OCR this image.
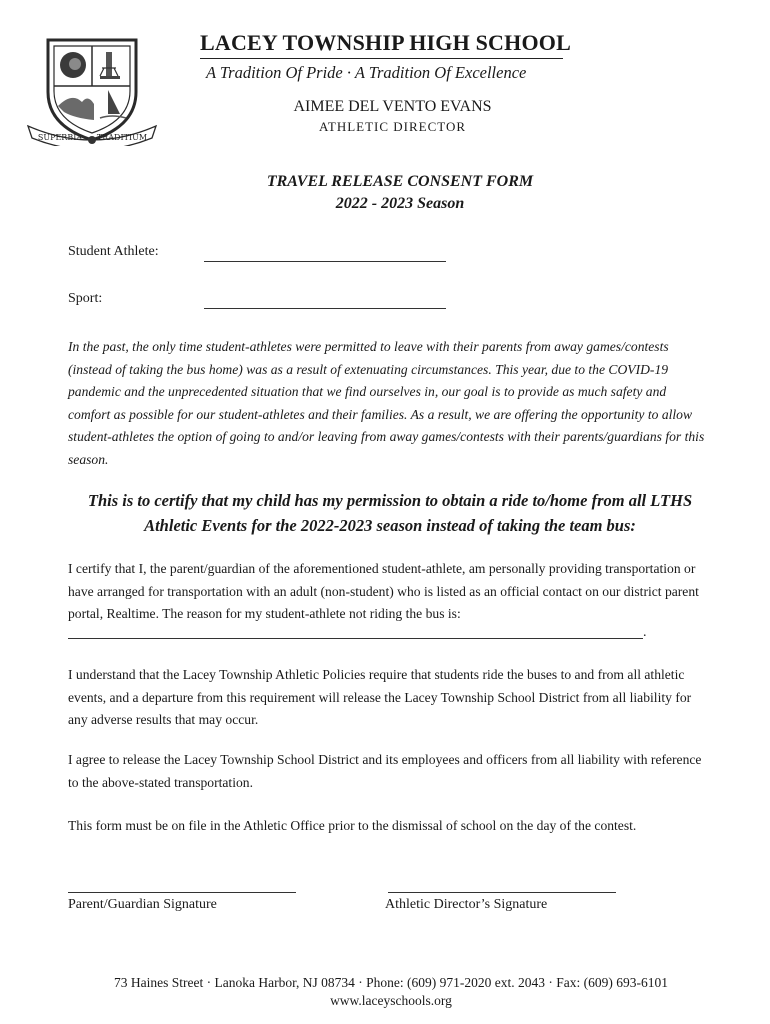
SUPERBIA TRADITIUM
LACEY TOWNSHIP HIGH SCHOOL
A Tradition Of Pride · A Tradition Of Excellence
AIMEE DEL VENTO EVANS
ATHLETIC DIRECTOR
TRAVEL RELEASE CONSENT FORM
2022 - 2023 Season
Student Athlete:
Sport:
In the past, the only time student-athletes were permitted to leave with their parents from away games/contests (instead of taking the bus home) was as a result of extenuating circumstances. This year, due to the COVID-19 pandemic and the unprecedented situation that we find ourselves in, our goal is to provide as much safety and comfort as possible for our student-athletes and their families. As a result, we are offering the opportunity to allow student-athletes the option of going to and/or leaving from away games/contests with their parents/guardians for this season.
This is to certify that my child has my permission to obtain a ride to/home from all LTHS Athletic Events for the 2022-2023 season instead of taking the team bus:
I certify that I, the parent/guardian of the aforementioned student-athlete, am personally providing transportation or have arranged for transportation with an adult (non-student) who is listed as an official contact on our district parent portal, Realtime. The reason for my student-athlete not riding the bus is:
.
I understand that the Lacey Township Athletic Policies require that students ride the buses to and from all athletic events, and a departure from this requirement will release the Lacey Township School District from all liability for any adverse results that may occur.
I agree to release the Lacey Township School District and its employees and officers from all liability with reference to the above-stated transportation.
This form must be on file in the Athletic Office prior to the dismissal of school on the day of the contest.
Parent/Guardian Signature	Athletic Director’s Signature
73 Haines Street · Lanoka Harbor, NJ 08734 · Phone: (609) 971-2020 ext. 2043 · Fax: (609) 693-6101
www.laceyschools.org
